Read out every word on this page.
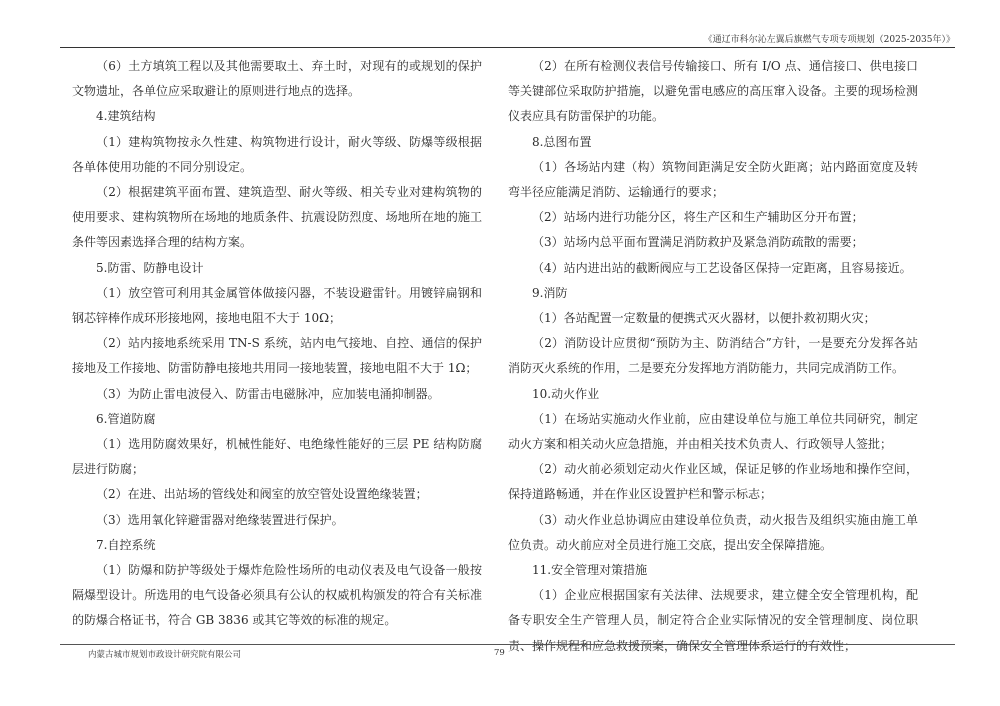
《通辽市科尔沁左翼后旗燃气专项专项规划（2025-2035年）》

（6）土方填筑工程以及其他需要取土、弃土时，对现有的或规划的保护文物遗址，各单位应采取避让的原则进行地点的选择。

4.建筑结构

（1）建构筑物按永久性建、构筑物进行设计，耐火等级、防爆等级根据各单体使用功能的不同分别设定。

（2）根据建筑平面布置、建筑造型、耐火等级、相关专业对建构筑物的使用要求、建构筑物所在场地的地质条件、抗震设防烈度、场地所在地的施工条件等因素选择合理的结构方案。

5.防雷、防静电设计

（1）放空管可利用其金属管体做接闪器，不装设避雷针。用镀锌扁钢和钢芯锌棒作成环形接地网，接地电阻不大于 10Ω；

（2）站内接地系统采用 TN-S 系统，站内电气接地、自控、通信的保护接地及工作接地、防雷防静电接地共用同一接地装置，接地电阻不大于 1Ω；

（3）为防止雷电波侵入、防雷击电磁脉冲，应加装电涌抑制器。

6.管道防腐

（1）选用防腐效果好，机械性能好、电绝缘性能好的三层 PE 结构防腐层进行防腐；

（2）在进、出站场的管线处和阀室的放空管处设置绝缘装置；

（3）选用氧化锌避雷器对绝缘装置进行保护。

7.自控系统

（1）防爆和防护等级处于爆炸危险性场所的电动仪表及电气设备一般按隔爆型设计。所选用的电气设备必须具有公认的权威机构颁发的符合有关标准的防爆合格证书，符合 GB 3836 或其它等效的标准的规定。

（2）在所有检测仪表信号传输接口、所有 I/O 点、通信接口、供电接口等关键部位采取防护措施，以避免雷电感应的高压窜入设备。主要的现场检测仪表应具有防雷保护的功能。

8.总图布置

（1）各场站内建（构）筑物间距满足安全防火距离；站内路面宽度及转弯半径应能满足消防、运输通行的要求；

（2）站场内进行功能分区，将生产区和生产辅助区分开布置；

（3）站场内总平面布置满足消防救护及紧急消防疏散的需要；

（4）站内进出站的截断阀应与工艺设备区保持一定距离，且容易接近。

9.消防

（1）各站配置一定数量的便携式灭火器材，以便扑救初期火灾；

（2）消防设计应贯彻“预防为主、防消结合”方针，一是要充分发挥各站消防灭火系统的作用，二是要充分发挥地方消防能力，共同完成消防工作。

10.动火作业

（1）在场站实施动火作业前，应由建设单位与施工单位共同研究，制定动火方案和相关动火应急措施，并由相关技术负责人、行政领导人签批；

（2）动火前必须划定动火作业区域，保证足够的作业场地和操作空间，保持道路畅通，并在作业区设置护栏和警示标志；

（3）动火作业总协调应由建设单位负责，动火报告及组织实施由施工单位负责。动火前应对全员进行施工交底，提出安全保障措施。

11.安全管理对策措施

（1）企业应根据国家有关法律、法规要求，建立健全安全管理机构，配备专职安全生产管理人员，制定符合企业实际情况的安全管理制度、岗位职责、操作规程和应急救援预案，确保安全管理体系运行的有效性；

内蒙古城市规划市政设计研究院有限公司	79
